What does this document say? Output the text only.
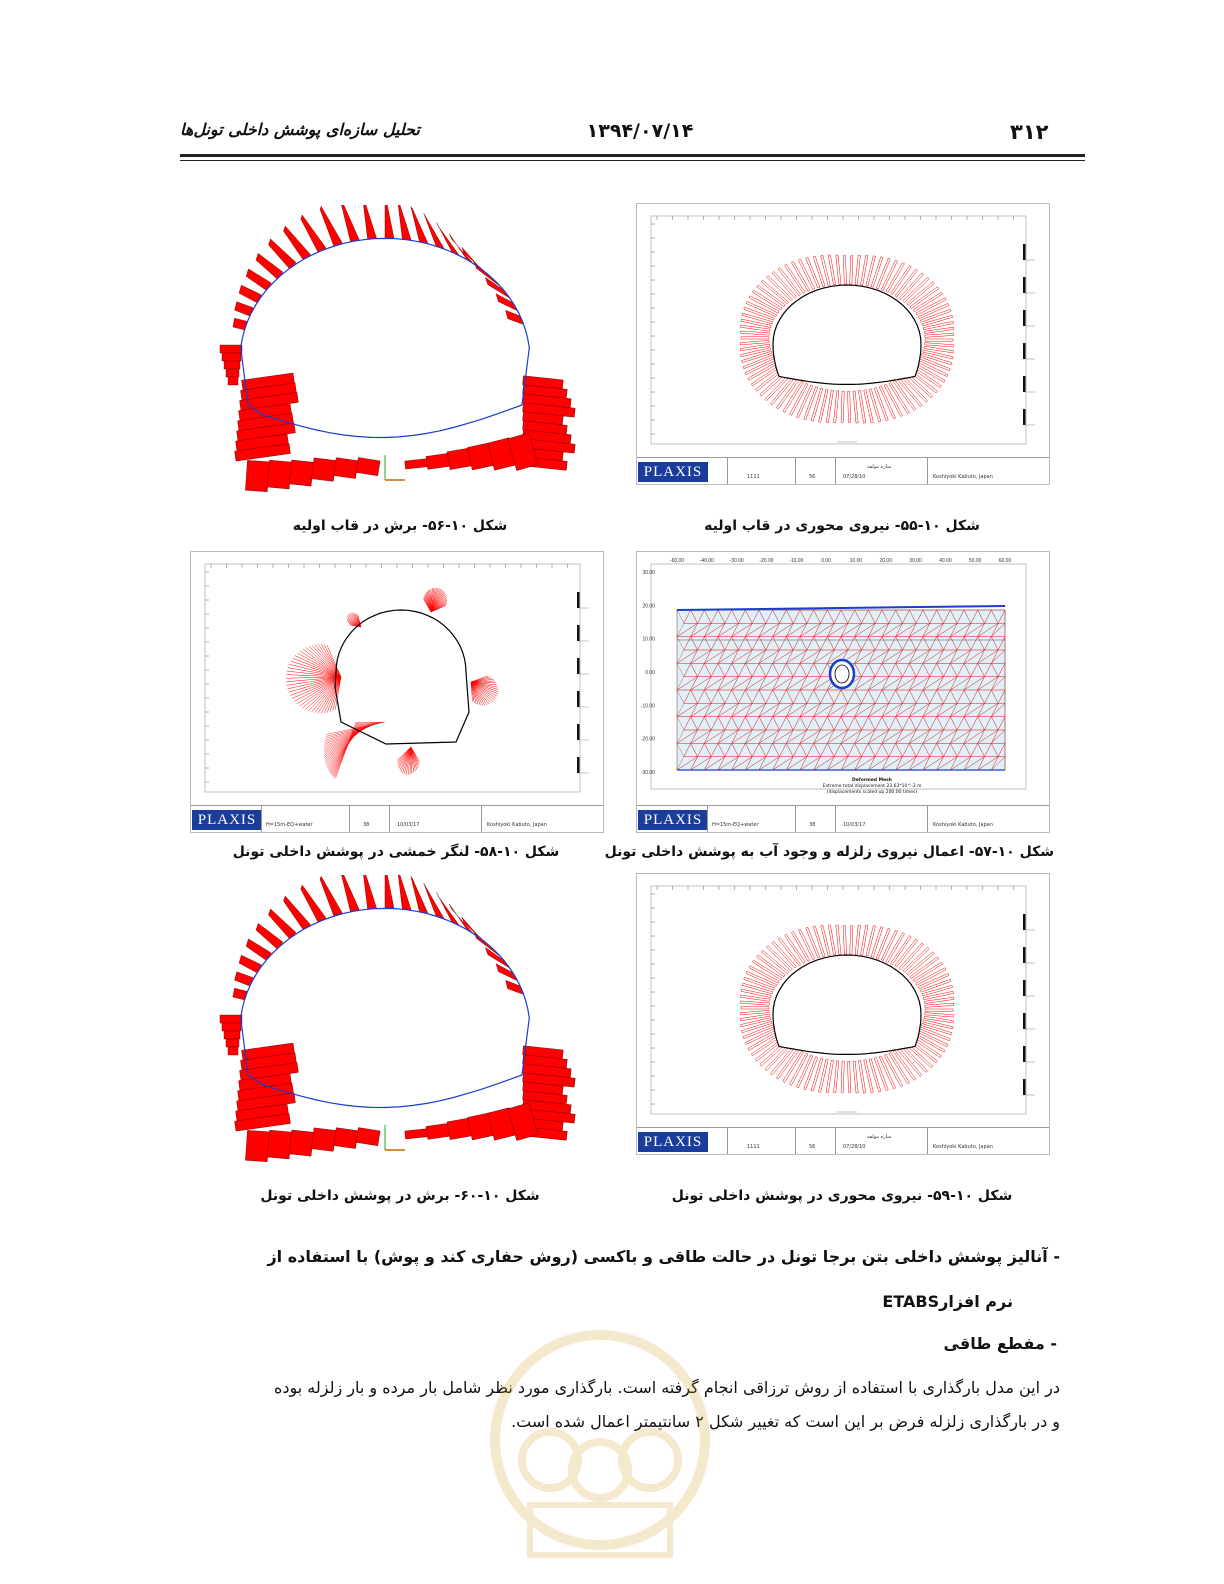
تحلیل سازه‌ای پوشش داخلی تونل‌ها	۱۳۹۴/۰۷/۱۴	۳۱۲
شکل ۱۰-۵۶- برش در قاب اولیه
PLAXIS	سازه مولفه
1111	56	07/28/10	Koshiyoki Kabuto, Japan
شکل ۱۰-۵۵- نیروی محوری در قاب اولیه
PLAXIS	H=15m-EQ+water	38	10/03/17	Koshiyoki Kabuto, Japan
شکل ۱۰-۵۸- لنگر خمشی در پوشش داخلی تونل
-60.00	-40.00	-30.00	-20.00	-10.00	0.00	10.00	20.00	30.00	40.00	50.00	60.00
30.00
20.00
10.00
0.00
-10.00
-20.00
-30.00
Deformed Mesh
Extreme total displacement 23.63*10^-3 m
(displacements scaled up 200.00 times)
PLAXIS	H=15m-EQ+water	38	10/03/17	Koshiyoki Kabuto, Japan
شکل ۱۰-۵۷- اعمال نیروی زلزله و وجود آب به پوشش داخلی تونل
شکل ۱۰-۶۰- برش در پوشش داخلی تونل
PLAXIS	سازه مولفه
1111	56	07/28/10	Koshiyoki Kabuto, Japan
شکل ۱۰-۵۹- نیروی محوری در پوشش داخلی تونل
- آنالیز پوشش داخلی بتن برجا تونل در حالت طاقی و باکسی (روش حفاری کند و پوش) با استفاده از
نرم افزارETABS
- مفطع طاقی
در این مدل بارگذاری با استفاده از روش ترزاقی انجام گرفته است. بارگذاری مورد نظر شامل بار مرده و بار زلزله بوده
و در بارگذاری زلزله فرض بر این است که تغییر شکل ۲ سانتیمتر اعمال شده است.
